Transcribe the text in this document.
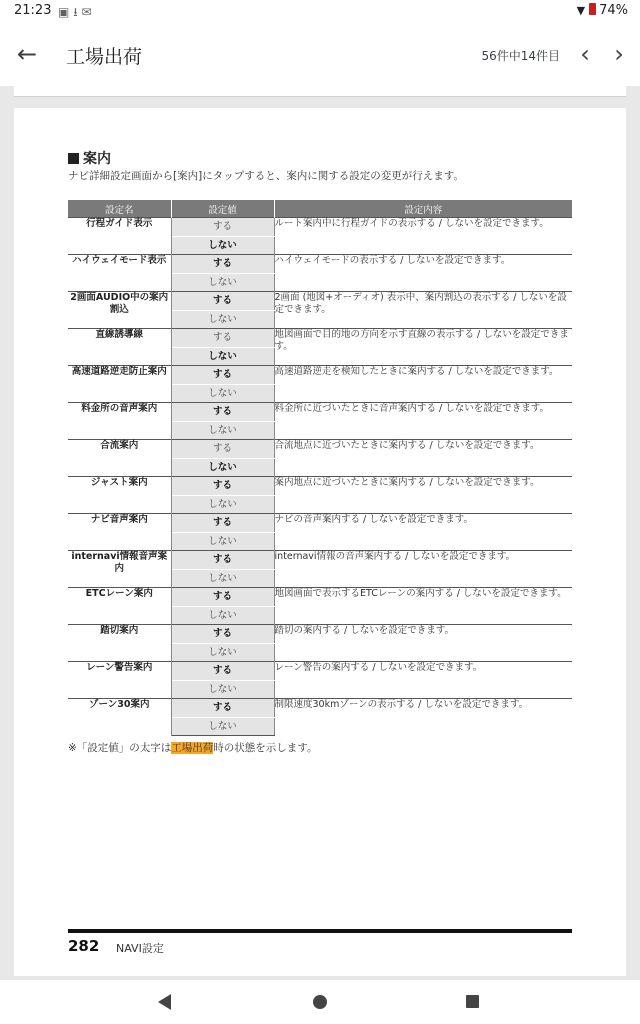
21:23 ▣⭳✉	▼ 74%
← 工場出荷	56件中14件目 ‹	›
案内
ナビ詳細設定画面から[案内]にタップすると、案内に関する設定の変更が行えます。
設定名	設定値	設定内容
行程ガイド表示	する	ルート案内中に行程ガイドの表示する / しないを設定できます。
	しない	
ハイウェイモード表示	する	ハイウェイモードの表示する / しないを設定できます。
	しない	
2画面AUDIO中の案内割込	する	2画面 (地図+オーディオ) 表示中、案内割込の表示する / しないを設定できます。
	しない	
直線誘導線	する	地図画面で目的地の方向を示す直線の表示する / しないを設定できます。
	しない	
高速道路逆走防止案内	する	高速道路逆走を検知したときに案内する / しないを設定できます。
	しない	
料金所の音声案内	する	料金所に近づいたときに音声案内する / しないを設定できます。
	しない	
合流案内	する	合流地点に近づいたときに案内する / しないを設定できます。
	しない	
ジャスト案内	する	案内地点に近づいたときに案内する / しないを設定できます。
	しない	
ナビ音声案内	する	ナビの音声案内する / しないを設定できます。
	しない	
internavi情報音声案内	する	internavi情報の音声案内する / しないを設定できます。
	しない	
ETCレーン案内	する	地図画面で表示するETCレーンの案内する / しないを設定できます。
	しない	
踏切案内	する	踏切の案内する / しないを設定できます。
	しない	
レーン警告案内	する	レーン警告の案内する / しないを設定できます。
	しない	
ゾーン30案内	する	制限速度30kmゾーンの表示する / しないを設定できます。
	しない	
※「設定値」の太字は工場出荷時の状態を示します。
282 NAVI設定
